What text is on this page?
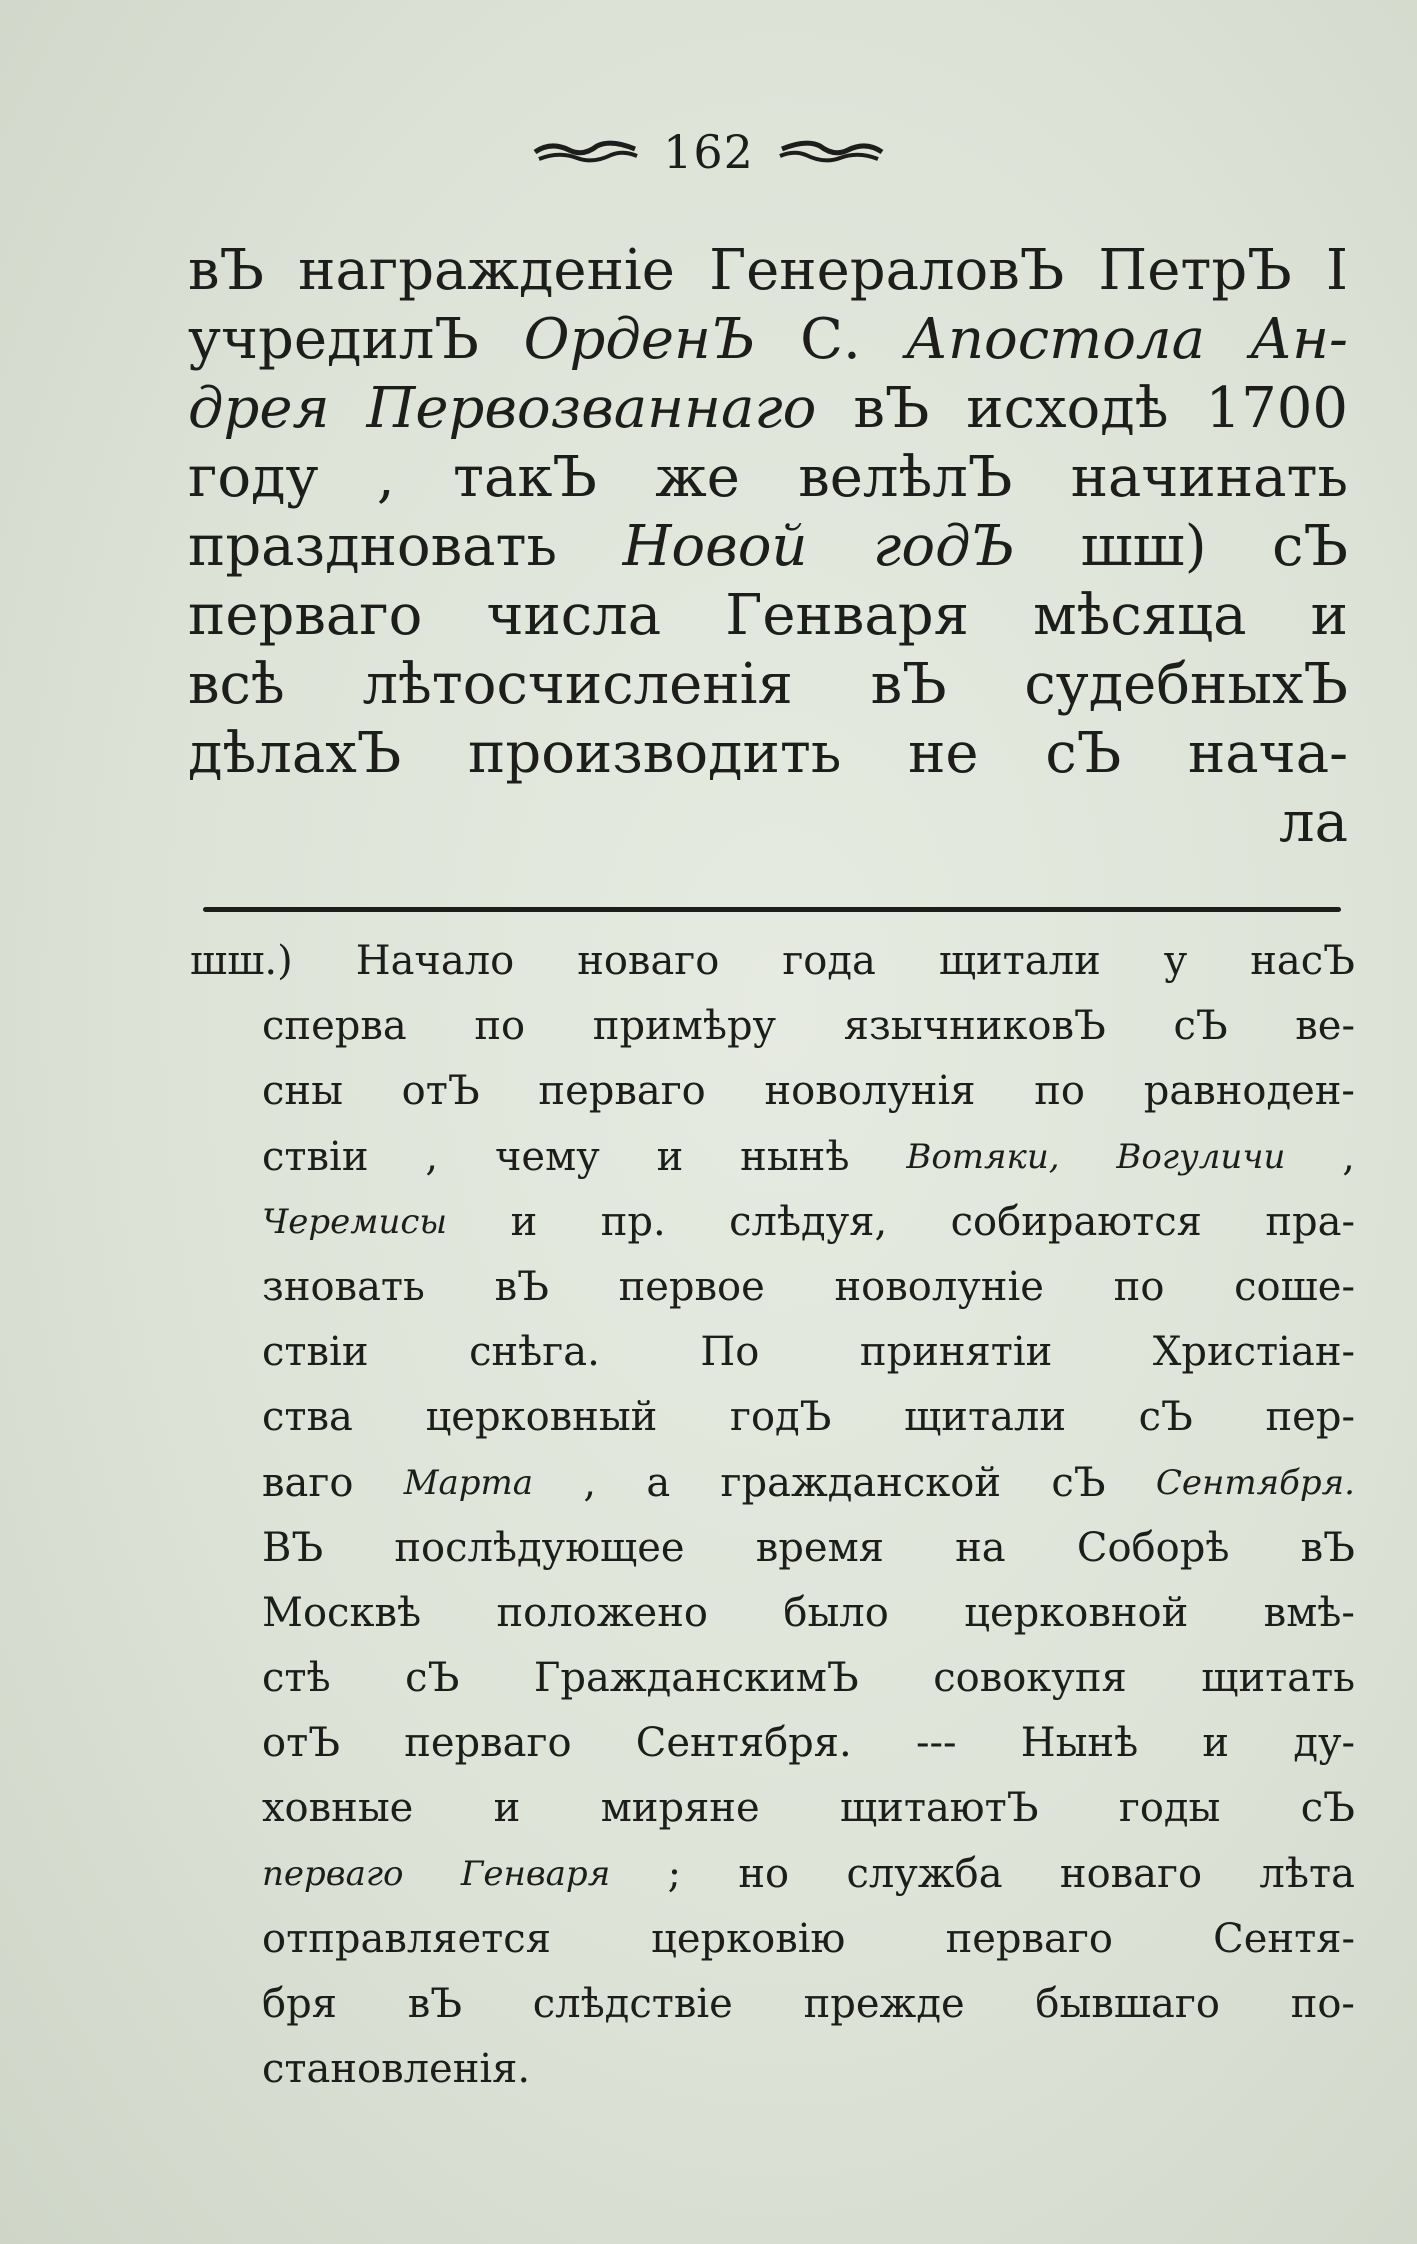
162
вЪ награжденіе ГенераловЪ ПетрЪ I
учредилЪ ОрденЪ С. Апостола Ан-
дрея Первозваннаго вЪ исходѣ 1700
году , такЪ же велѣлЪ начинать
праздновать Новой годЪ шш) сЪ
перваго числа Генваря мѣсяца и
всѣ лѣтосчисленія вЪ судебныхЪ
дѣлахЪ производить не сЪ нача-
ла
шш.) Начало новаго года щитали у насЪ
сперва по примѣру язычниковЪ сЪ ве-
сны отЪ перваго новолунія по равноден-
ствіи , чему и нынѣ Вотяки, Вогуличи ,
Черемисы и пр. слѣдуя, собираются пра-
зновать вЪ первое новолуніе по соше-
ствіи	снѣга.	По	принятіи	Христіан-
ства церковный годЪ щитали сЪ пер-
ваго Марта , а гражданской сЪ Сентября.
ВЪ послѣдующее время на Соборѣ вЪ
Москвѣ положено было церковной вмѣ-
стѣ сЪ ГражданскимЪ совокупя щитать
отЪ перваго Сентября. --- Нынѣ и ду-
ховные и миряне щитаютЪ годы сЪ
перваго Генваря ; но служба новаго лѣта
отправляется	церковію	перваго	Сентя-
бря вЪ слѣдствіе прежде бывшаго по-
становленія.
